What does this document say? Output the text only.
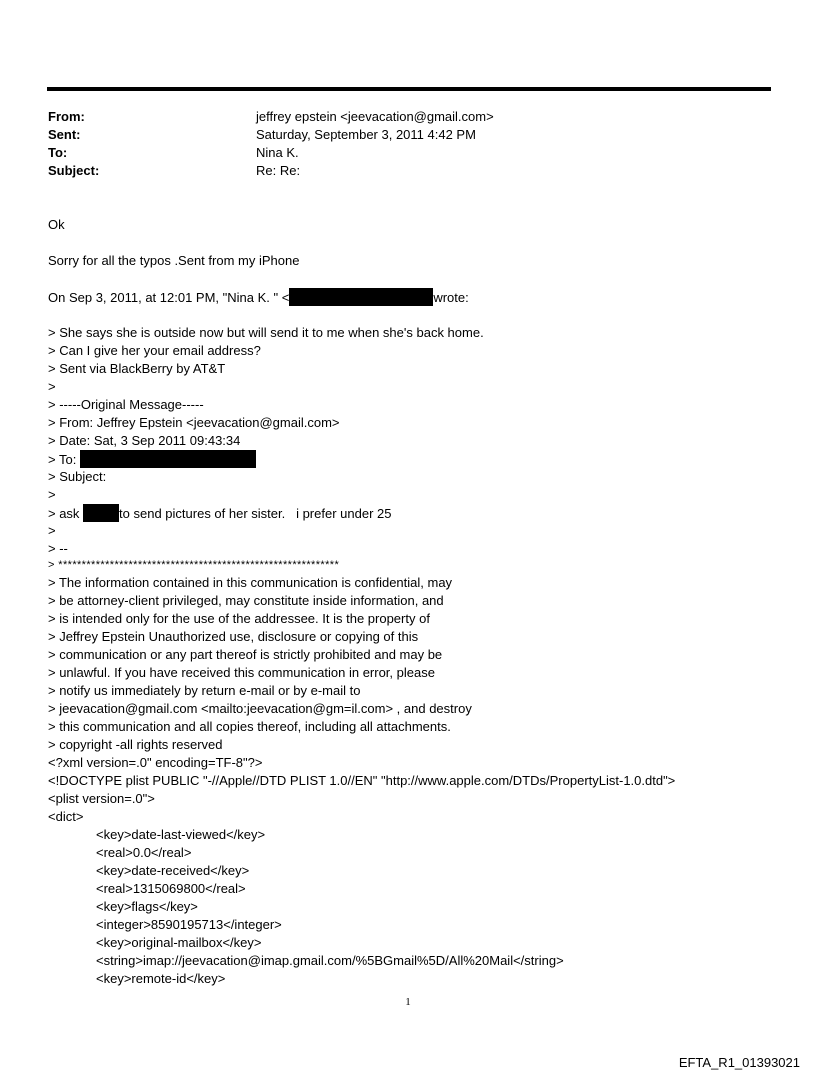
From:	jeffrey epstein <jeevacation@gmail.com>
Sent:	Saturday, September 3, 2011 4:42 PM
To:	Nina K.
Subject:	Re: Re:
Ok
Sorry for all the typos .Sent from my iPhone
On Sep 3, 2011, at 12:01 PM, "Nina K. " <	wrote:
> She says she is outside now but will send it to me when she's back home.
> Can I give her your email address?
> Sent via BlackBerry by AT&T
>
> -----Original Message-----
> From: Jeffrey Epstein <jeevacation@gmail.com>
> Date: Sat, 3 Sep 2011 09:43:34
> To:
> Subject:
>
> ask	to send pictures of her sister.   i prefer under 25
>
> --
> ************************************************************
> The information contained in this communication is confidential, may
> be attorney-client privileged, may constitute inside information, and
> is intended only for the use of the addressee. It is the property of
> Jeffrey Epstein Unauthorized use, disclosure or copying of this
> communication or any part thereof is strictly prohibited and may be
> unlawful. If you have received this communication in error, please
> notify us immediately by return e-mail or by e-mail to
> jeevacation@gmail.com <mailto:jeevacation@gm=il.com> , and destroy
> this communication and all copies thereof, including all attachments.
> copyright -all rights reserved
<?xml version=.0" encoding=TF-8"?>
<!DOCTYPE plist PUBLIC "-//Apple//DTD PLIST 1.0//EN" "http://www.apple.com/DTDs/PropertyList-1.0.dtd">
<plist version=.0">
<dict>
<key>date-last-viewed</key>
<real>0.0</real>
<key>date-received</key>
<real>1315069800</real>
<key>flags</key>
<integer>8590195713</integer>
<key>original-mailbox</key>
<string>imap://jeevacation@imap.gmail.com/%5BGmail%5D/All%20Mail</string>
<key>remote-id</key>
1
EFTA_R1_01393021
